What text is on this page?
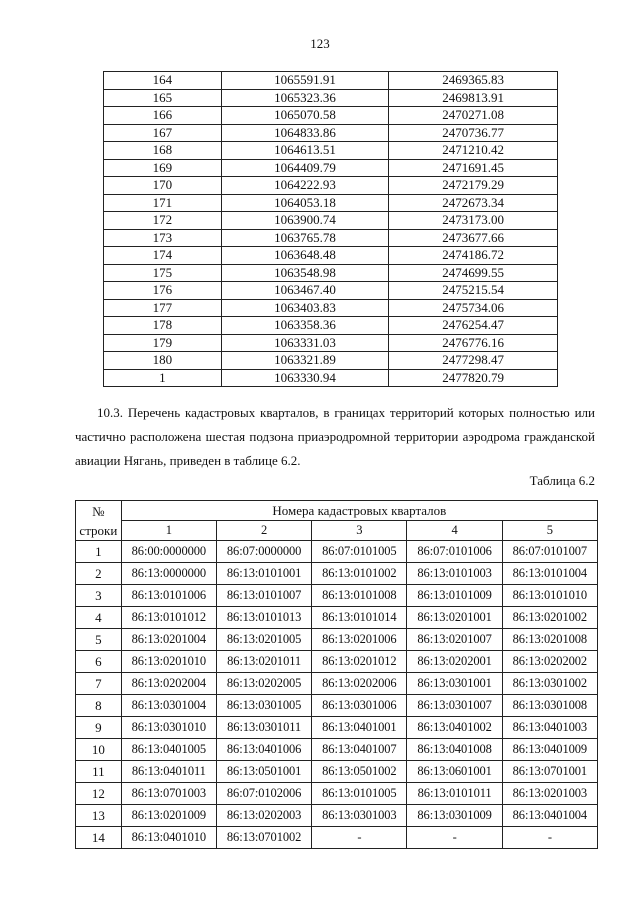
123
164	1065591.91	2469365.83
165	1065323.36	2469813.91
166	1065070.58	2470271.08
167	1064833.86	2470736.77
168	1064613.51	2471210.42
169	1064409.79	2471691.45
170	1064222.93	2472179.29
171	1064053.18	2472673.34
172	1063900.74	2473173.00
173	1063765.78	2473677.66
174	1063648.48	2474186.72
175	1063548.98	2474699.55
176	1063467.40	2475215.54
177	1063403.83	2475734.06
178	1063358.36	2476254.47
179	1063331.03	2476776.16
180	1063321.89	2477298.47
1	1063330.94	2477820.79
10.3. Перечень кадастровых кварталов, в границах территорий которых полностью или частично расположена шестая подзона приаэродромной территории аэродрома гражданской авиации Нягань, приведен в таблице 6.2.
Таблица 6.2
№
строки	Номера кадастровых кварталов				
	1	2	3	4	5
1	86:00:0000000	86:07:0000000	86:07:0101005	86:07:0101006	86:07:0101007
2	86:13:0000000	86:13:0101001	86:13:0101002	86:13:0101003	86:13:0101004
3	86:13:0101006	86:13:0101007	86:13:0101008	86:13:0101009	86:13:0101010
4	86:13:0101012	86:13:0101013	86:13:0101014	86:13:0201001	86:13:0201002
5	86:13:0201004	86:13:0201005	86:13:0201006	86:13:0201007	86:13:0201008
6	86:13:0201010	86:13:0201011	86:13:0201012	86:13:0202001	86:13:0202002
7	86:13:0202004	86:13:0202005	86:13:0202006	86:13:0301001	86:13:0301002
8	86:13:0301004	86:13:0301005	86:13:0301006	86:13:0301007	86:13:0301008
9	86:13:0301010	86:13:0301011	86:13:0401001	86:13:0401002	86:13:0401003
10	86:13:0401005	86:13:0401006	86:13:0401007	86:13:0401008	86:13:0401009
11	86:13:0401011	86:13:0501001	86:13:0501002	86:13:0601001	86:13:0701001
12	86:13:0701003	86:07:0102006	86:13:0101005	86:13:0101011	86:13:0201003
13	86:13:0201009	86:13:0202003	86:13:0301003	86:13:0301009	86:13:0401004
14	86:13:0401010	86:13:0701002	-	-	-
